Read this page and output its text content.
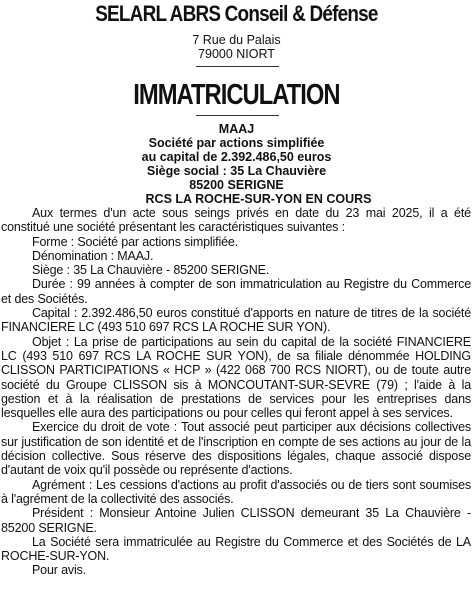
SELARL ABRS Conseil & Défense
7 Rue du Palais
79000 NIORT
IMMATRICULATION
MAAJ
Société par actions simplifiée
au capital de 2.392.486,50 euros
Siège social : 35 La Chauvière
85200 SERIGNE
RCS LA ROCHE-SUR-YON EN COURS

Aux termes d'un acte sous seings privés en date du 23 mai 2025, il a été constitué une société présentant les caractéristiques suivantes :

Forme : Société par actions simplifiée.

Dénomination : MAAJ.

Siège : 35 La Chauvière - 85200 SERIGNE.

Durée : 99 années à compter de son immatriculation au Registre du Commerce et des Sociétés.

Capital : 2.392.486,50 euros constitué d'apports en nature de titres de la société FINANCIERE LC (493 510 697 RCS LA ROCHE SUR YON).

Objet : La prise de participations au sein du capital de la société FINANCIERE LC (493 510 697 RCS LA ROCHE SUR YON), de sa filiale dénommée HOLDING CLISSON PARTICIPATIONS « HCP » (422 068 700 RCS NIORT), ou de toute autre société du Groupe CLISSON sis à MONCOUTANT-SUR-SEVRE (79) ; l'aide à la gestion et à la réalisation de prestations de services pour les entreprises dans lesquelles elle aura des participations ou pour celles qui feront appel à ses services.

Exercice du droit de vote : Tout associé peut participer aux décisions collectives sur justification de son identité et de l'inscription en compte de ses actions au jour de la décision collective. Sous réserve des dispositions légales, chaque associé dispose d'autant de voix qu'il possède ou représente d'actions.

Agrément : Les cessions d'actions au profit d'associés ou de tiers sont soumises à l'agrément de la collectivité des associés.

Président : Monsieur Antoine Julien CLISSON demeurant 35 La Chauvière - 85200 SERIGNE.

La Société sera immatriculée au Registre du Commerce et des Sociétés de LA ROCHE-SUR-YON.

Pour avis.
